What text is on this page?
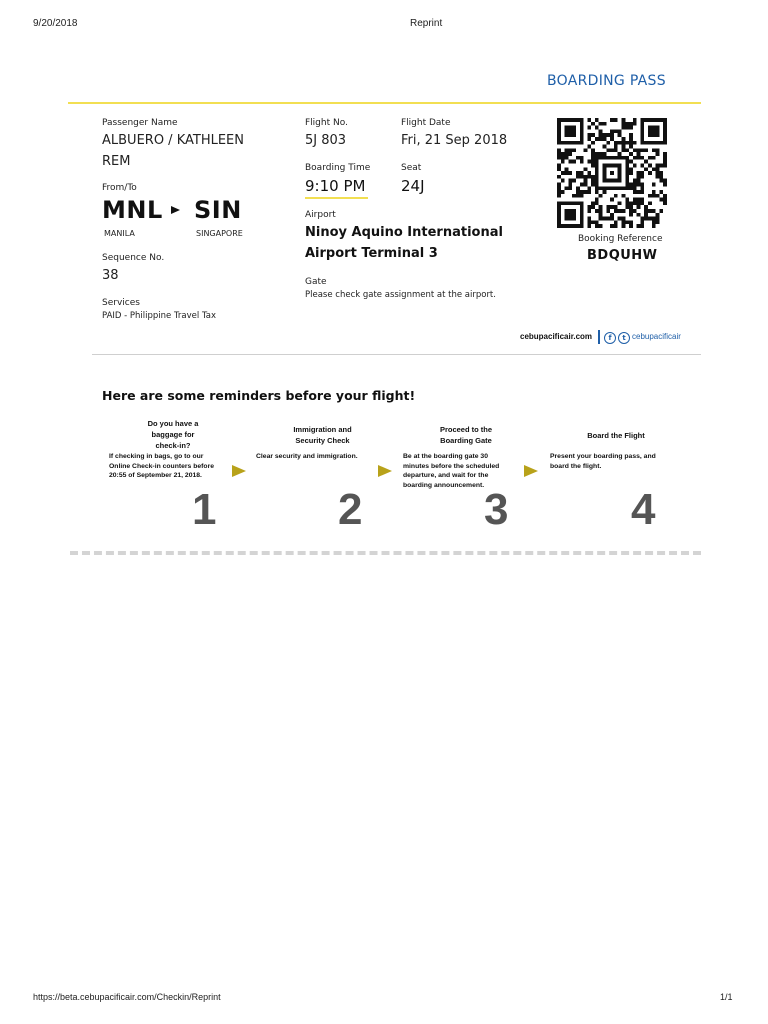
9/20/2018	Reprint
BOARDING PASS
Passenger Name
ALBUERO / KATHLEEN
REM
From/To
MNL SIN
MANILA	SINGAPORE
Sequence No.
38
Services
PAID - Philippine Travel Tax
Flight No.
5J 803
Flight Date
Fri, 21 Sep 2018
Boarding Time
9:10 PM
Seat
24J
Airport
Ninoy Aquino International
Airport Terminal 3
Gate
Please check gate assignment at the airport.
Booking Reference
BDQUHW
cebupacificair.com	f	t cebupacificair
Here are some reminders before your flight!
Do you have a
baggage for
check-in?
If checking in bags, go to our
Online Check-in counters before
20:55 of September 21, 2018.
1
Immigration and
Security Check
Clear security and immigration.
2
Proceed to the
Boarding Gate
Be at the boarding gate 30
minutes before the scheduled
departure, and wait for the
boarding announcement. 3
Board the Flight
Present your boarding pass, and
board the flight.
4
https://beta.cebupacificair.com/Checkin/Reprint	1/1
